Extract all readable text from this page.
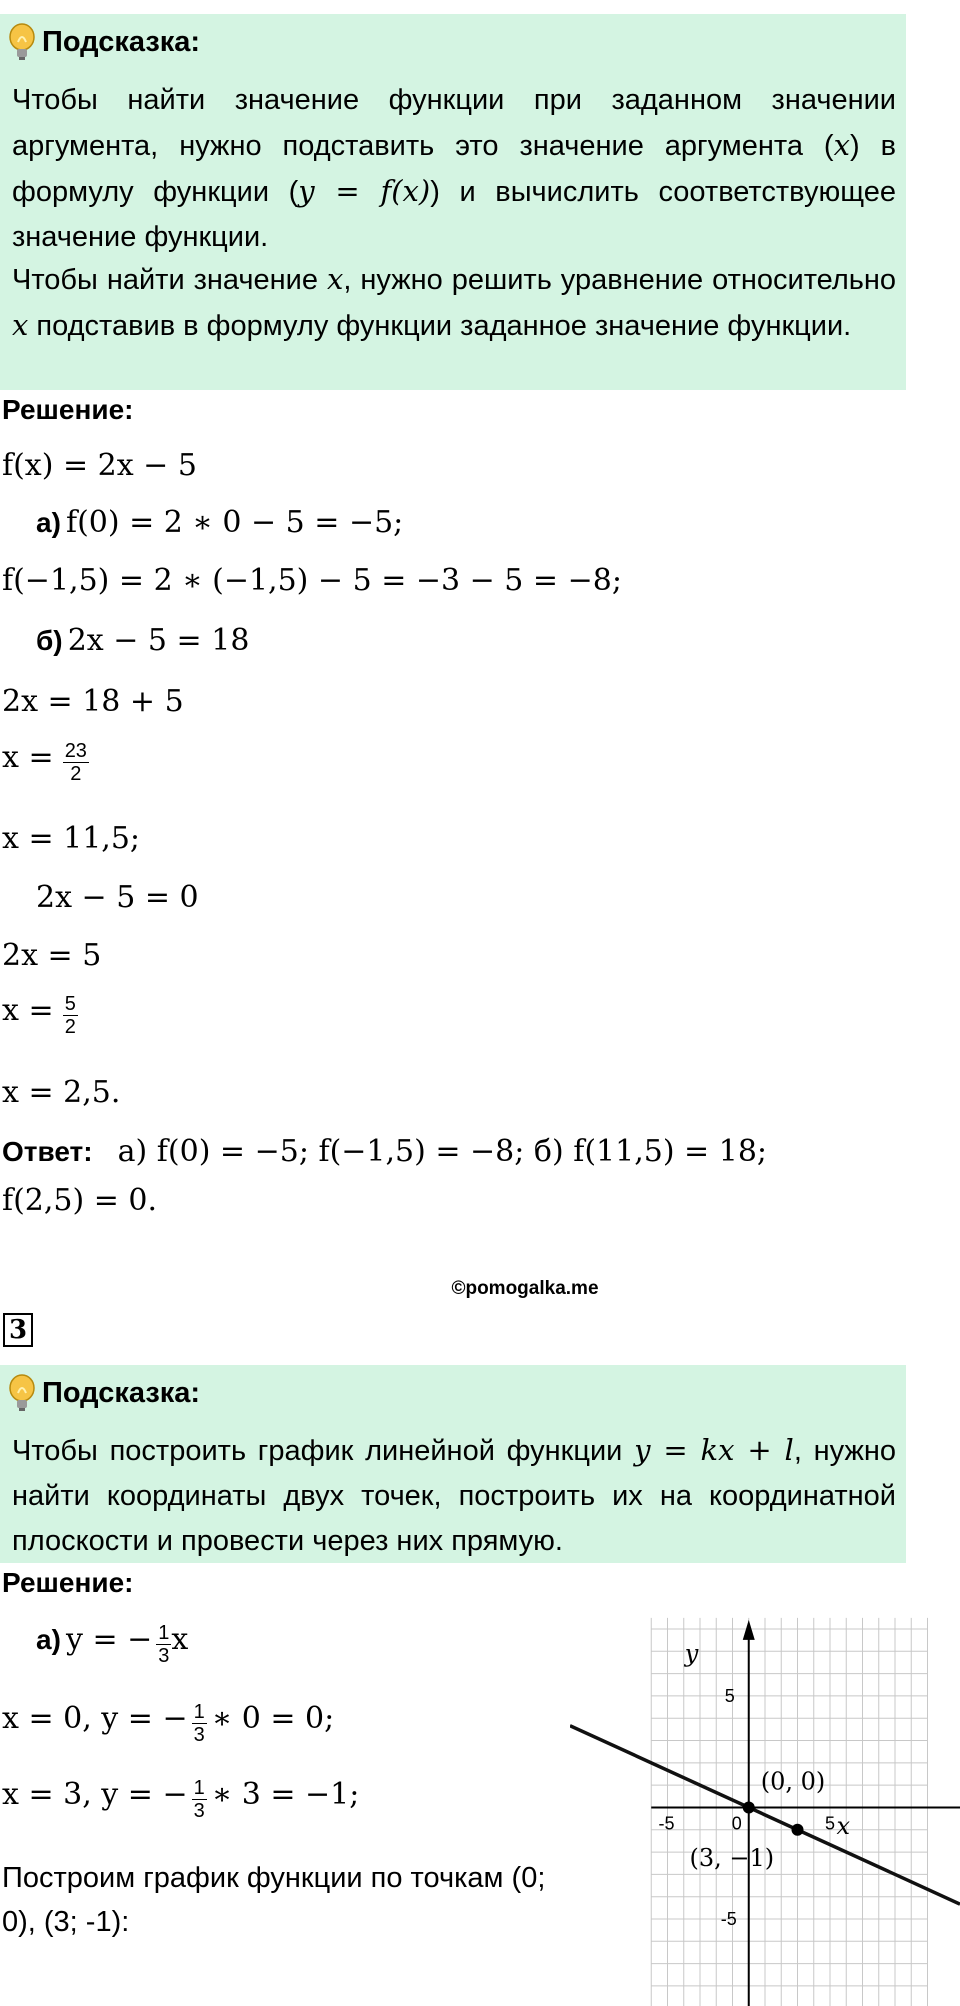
Подсказка:
Чтобы найти значение функции при заданном значении аргумента, нужно подставить это значение аргумента (x) в формулу функции (y = f(x)) и вычислить соответствующее значение функции.
Чтобы найти значение x, нужно решить уравнение относительно x подставив в формулу функции заданное значение функции.
Решение:
f(x) = 2x − 5
а) f(0) = 2 ∗ 0 − 5 = −5;
f(−1,5) = 2 ∗ (−1,5) − 5 = −3 − 5 = −8;
б) 2x − 5 = 18
2x = 18 + 5
$x = \frac{23}{2}$
x = 11,5;
2x − 5 = 0
2x = 5
$x = \frac{5}{2}$
x = 2,5.
Ответ: а) f(0) = −5; f(−1,5) = −8; б) f(11,5) = 18;
f(2,5) = 0.
©pomogalka.me
3
Подсказка:
Чтобы построить график линейной функции y = kx + l, нужно найти координаты двух точек, построить их на координатной плоскости и провести через них прямую.
Решение:
а) y = − $\frac{1}{3}$ x
x = 0, y = − $\frac{1}{3}$ ∗ 0 = 0;
x = 3, y = − $\frac{1}{3}$ ∗ 3 = −1;
Построим график функции по точкам (0; 0), (3; -1):
-5	0	5
5
-5
y
x
(0, 0)
(3, −1)
